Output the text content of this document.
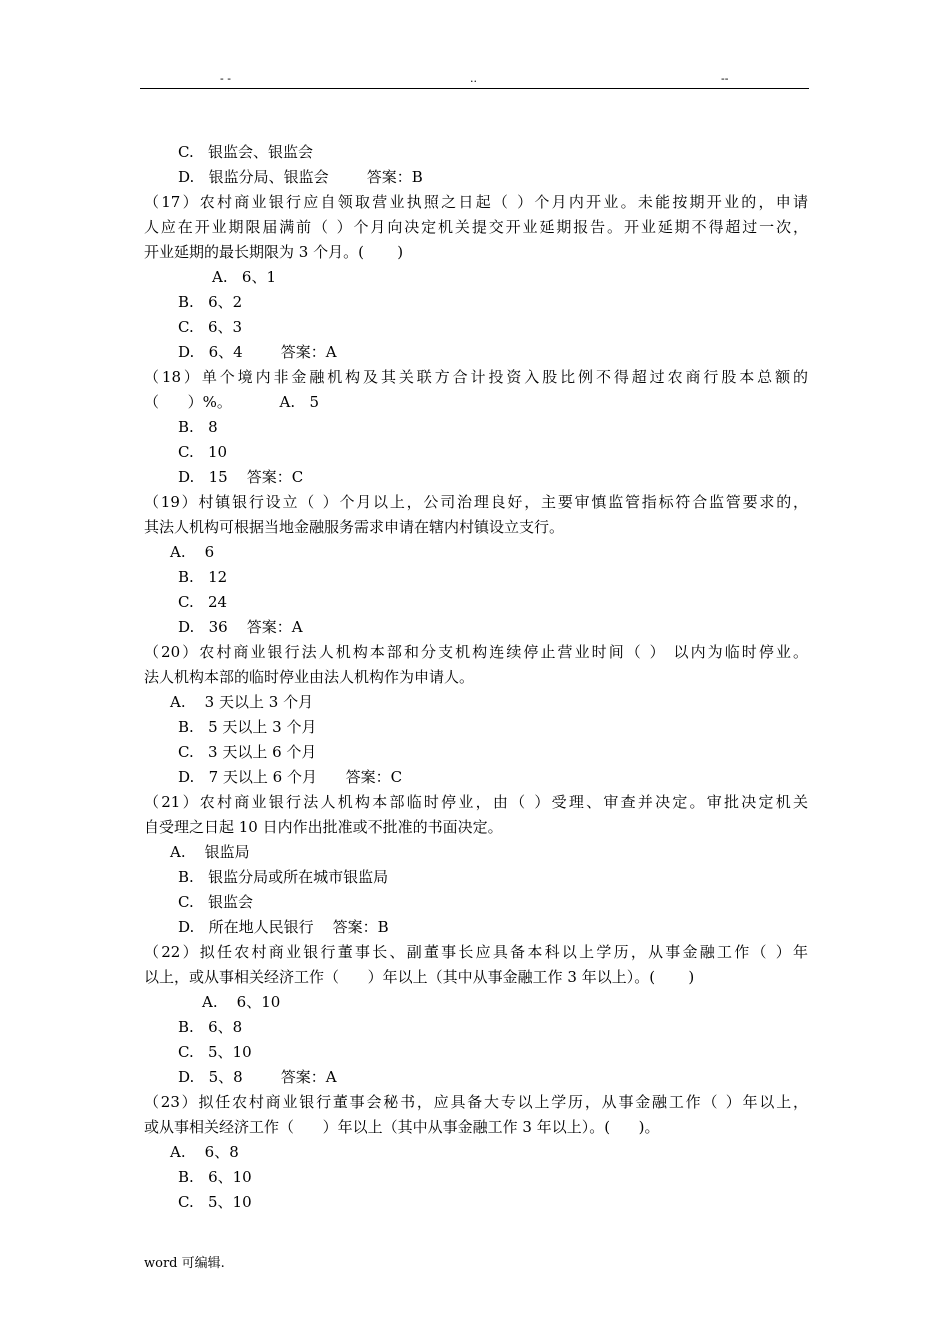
- -	..	--
C.   银监会、银监会
D.   银监分局、银监会        答案：B
（17）农村商业银行应自领取营业执照之日起（ ）个月内开业。未能按期开业的，申请
人应在开业期限届满前（ ）个月向决定机关提交开业延期报告。开业延期不得超过一次，
开业延期的最长期限为 3 个月。(       )
A.   6、1
B.   6、2
C.   6、3
D.   6、4        答案：A
（18）单个境内非金融机构及其关联方合计投资入股比例不得超过农商行股本总额的
（      ）%。          A.   5
B.   8
C.   10
D.   15    答案：C
（19）村镇银行设立（ ）个月以上，公司治理良好，主要审慎监管指标符合监管要求的，
其法人机构可根据当地金融服务需求申请在辖内村镇设立支行。
A.    6
B.   12
C.   24
D.   36    答案：A
（20）农村商业银行法人机构本部和分支机构连续停止营业时间（ ） 以内为临时停业。
法人机构本部的临时停业由法人机构作为申请人。
A.    3 天以上 3 个月
B.   5 天以上 3 个月
C.   3 天以上 6 个月
D.   7 天以上 6 个月      答案：C
（21）农村商业银行法人机构本部临时停业，由（ ）受理、审查并决定。审批决定机关
自受理之日起 10 日内作出批准或不批准的书面决定。
A.    银监局
B.   银监分局或所在城市银监局
C.   银监会
D.   所在地人民银行    答案：B
（22）拟任农村商业银行董事长、副董事长应具备本科以上学历，从事金融工作（ ）年
以上，或从事相关经济工作（      ）年以上（其中从事金融工作 3 年以上）。(       )
A.    6、10
B.   6、8
C.   5、10
D.   5、8        答案：A
（23）拟任农村商业银行董事会秘书，应具备大专以上学历，从事金融工作（ ）年以上，
或从事相关经济工作（      ）年以上（其中从事金融工作 3 年以上）。(      )。
A.    6、8
B.   6、10
C.   5、10
word 可编辑.
